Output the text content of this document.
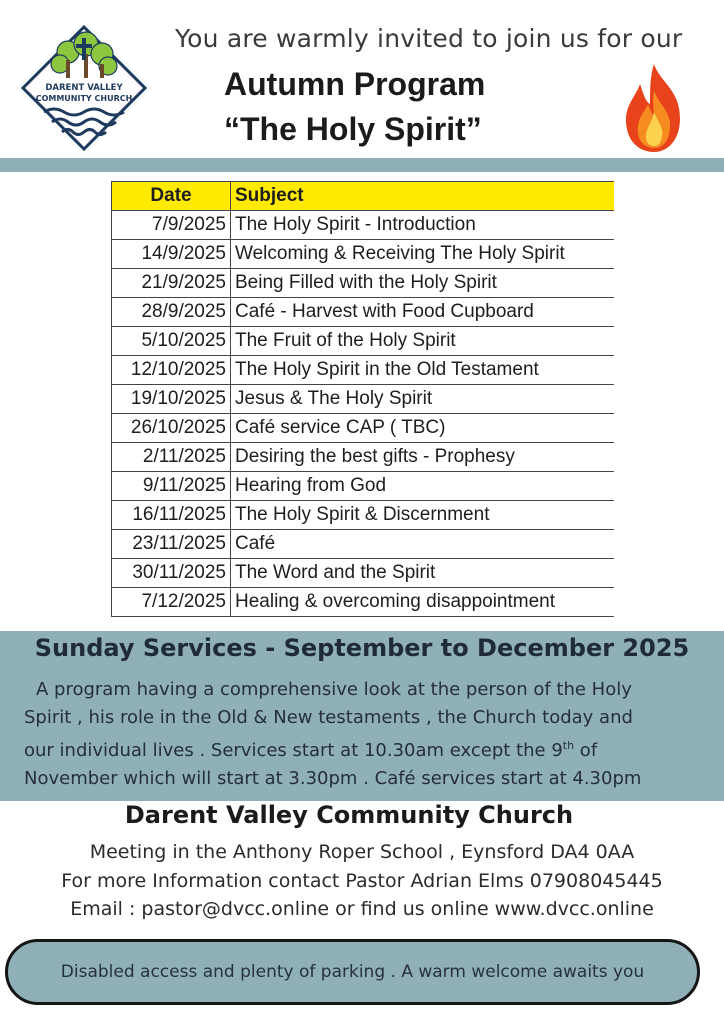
DARENT VALLEY
COMMUNITY CHURCH
You are warmly invited to join us for our
Autumn Program
“The Holy Spirit”
Date	Subject
7/9/2025	The Holy Spirit - Introduction
14/9/2025	Welcoming & Receiving The Holy Spirit
21/9/2025	Being Filled with the Holy Spirit
28/9/2025	Café - Harvest with Food Cupboard
5/10/2025	The Fruit of the Holy Spirit
12/10/2025	The Holy Spirit in the Old Testament
19/10/2025	Jesus & The Holy Spirit
26/10/2025	Café service CAP ( TBC)
2/11/2025	Desiring the best gifts - Prophesy
9/11/2025	Hearing from God
16/11/2025	The Holy Spirit & Discernment
23/11/2025	Café
30/11/2025	The Word and the Spirit
7/12/2025	Healing & overcoming disappointment
Sunday Services - September to December 2025

A program having a comprehensive look at the person of the Holy

Spirit , his role in the Old & New testaments , the Church today and

our individual lives . Services start at 10.30am except the 9th of

November which will start at 3.30pm . Café services start at 4.30pm

Darent Valley Community Church
Meeting in the Anthony Roper School , Eynsford DA4 0AA
For more Information contact Pastor Adrian Elms 07908045445
Email : pastor@dvcc.online or find us online www.dvcc.online
Disabled access and plenty of parking . A warm welcome awaits you
